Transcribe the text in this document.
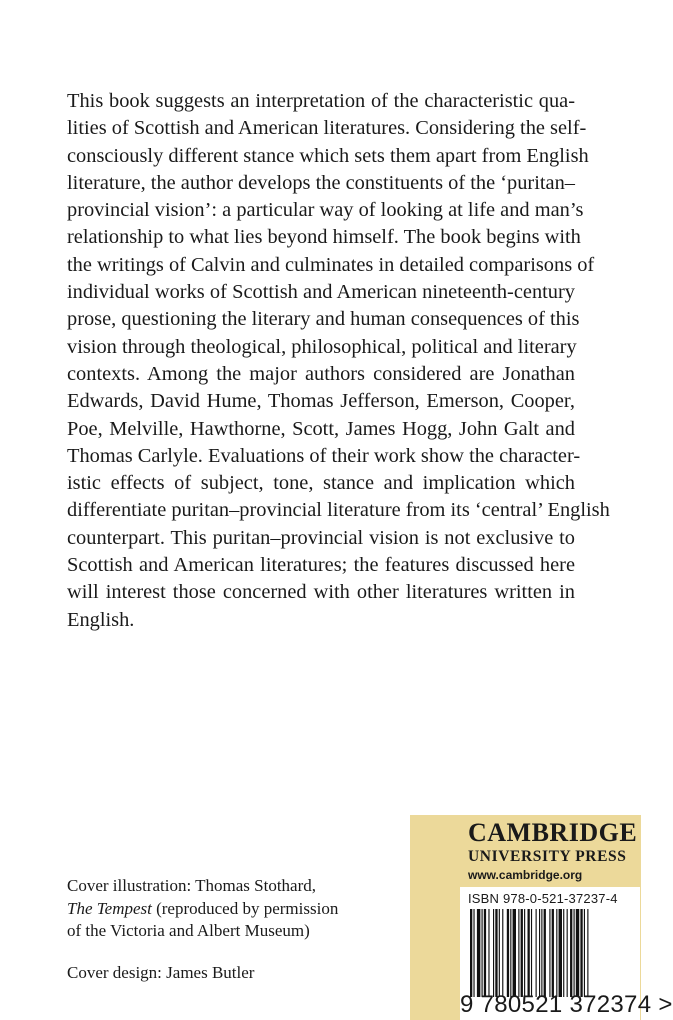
This book suggests an interpretation of the characteristic qua-
lities of Scottish and American literatures. Considering the self-
consciously different stance which sets them apart from English
literature, the author develops the constituents of the ‘puritan–
provincial vision’: a particular way of looking at life and man’s
relationship to what lies beyond himself. The book begins with
the writings of Calvin and culminates in detailed comparisons of
individual works of Scottish and American nineteenth-century
prose, questioning the literary and human consequences of this
vision through theological, philosophical, political and literary
contexts. Among the major authors considered are Jonathan
Edwards, David Hume, Thomas Jefferson, Emerson, Cooper,
Poe, Melville, Hawthorne, Scott, James Hogg, John Galt and
Thomas Carlyle. Evaluations of their work show the character-
istic effects of subject, tone, stance and implication which
differentiate puritan–provincial literature from its ‘central’ English
counterpart. This puritan–provincial vision is not exclusive to
Scottish and American literatures; the features discussed here
will interest those concerned with other literatures written in
English.
Cover illustration: Thomas Stothard,
The Tempest (reproduced by permission
of the Victoria and Albert Museum)
Cover design: James Butler
CAMBRIDGE
UNIVERSITY PRESS
www.cambridge.org
ISBN 978-0-521-37237-4
9 780521 372374 >
